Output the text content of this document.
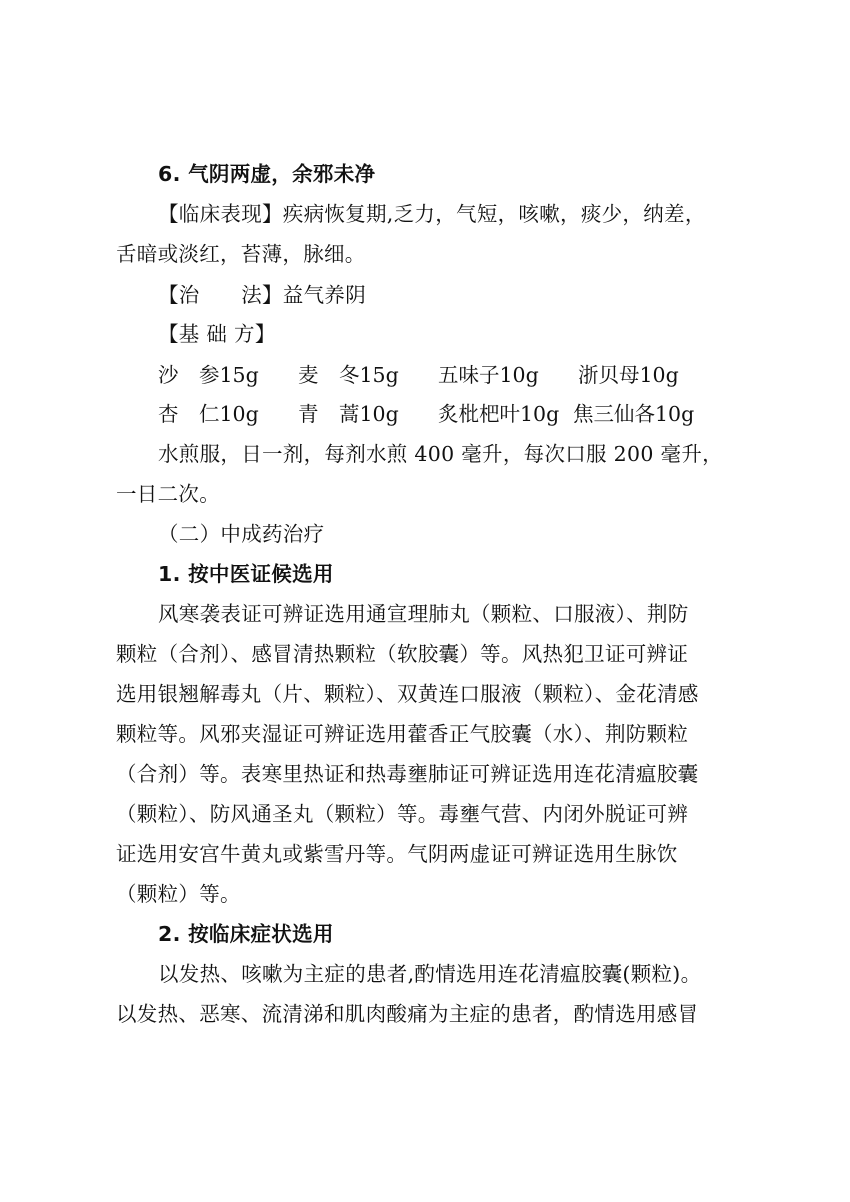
6. 气阴两虚，余邪未净
【临床表现】疾病恢复期,乏力，气短，咳嗽，痰少，纳差，
舌暗或淡红，苔薄，脉细。
【治　　法】益气养阴
【基 础 方】
沙　参15g 麦　冬15g 五味子10g 浙贝母10g
杏　仁10g 青　蒿10g 炙枇杷叶10g 焦三仙各10g
水煎服，日一剂，每剂水煎 400 毫升，每次口服 200 毫升，
一日二次。
（二）中成药治疗
1. 按中医证候选用
风寒袭表证可辨证选用通宣理肺丸（颗粒、口服液）、荆防
颗粒（合剂）、感冒清热颗粒（软胶囊）等。风热犯卫证可辨证
选用银翘解毒丸（片、颗粒）、双黄连口服液（颗粒）、金花清感
颗粒等。风邪夹湿证可辨证选用藿香正气胶囊（水）、荆防颗粒
（合剂）等。表寒里热证和热毒壅肺证可辨证选用连花清瘟胶囊
（颗粒）、防风通圣丸（颗粒）等。毒壅气营、内闭外脱证可辨
证选用安宫牛黄丸或紫雪丹等。气阴两虚证可辨证选用生脉饮
（颗粒）等。
2. 按临床症状选用
以发热、咳嗽为主症的患者,酌情选用连花清瘟胶囊(颗粒)。
以发热、恶寒、流清涕和肌肉酸痛为主症的患者，酌情选用感冒
